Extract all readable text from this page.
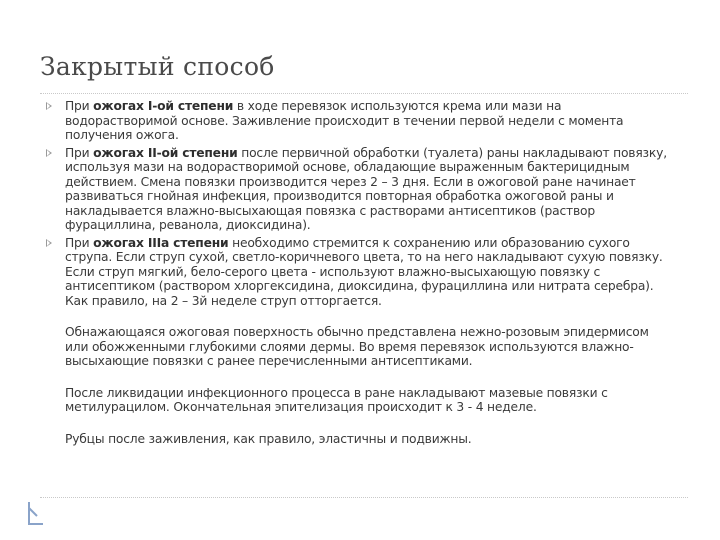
Закрытый способ
При ожогах I-ой степени в ходе перевязок используются крема или мази на водорастворимой основе. Заживление происходит в течении первой недели с момента получения ожога.
При ожогах II-ой степени после первичной обработки (туалета) раны накладывают повязку, используя мази на водорастворимой основе, обладающие выраженным бактерицидным действием. Смена повязки производится через 2 – 3 дня. Если в ожоговой ране начинает развиваться гнойная инфекция, производится повторная обработка ожоговой раны и накладывается влажно-высыхающая повязка с растворами антисептиков (раствор фурациллина, реванола, диоксидина).
При ожогах IIIа степени необходимо стремится к сохранению или образованию сухого струпа. Если струп сухой, светло-коричневого цвета, то на него накладывают сухую повязку. Если струп мягкий, бело-серого цвета - используют влажно-высыхающую повязку с антисептиком (раствором хлоргексидина, диоксидина, фурациллина или нитрата серебра). Как правило, на 2 – 3й неделе струп отторгается.

Обнажающаяся ожоговая поверхность обычно представлена нежно-розовым эпидермисом или обожженными глубокими слоями дермы. Во время перевязок используются влажно-высыхающие повязки с ранее перечисленными антисептиками.

После ликвидации инфекционного процесса в ране накладывают мазевые повязки с метилурацилом. Окончательная эпителизация происходит к 3 - 4 неделе.

Рубцы после заживления, как правило, эластичны и подвижны.
